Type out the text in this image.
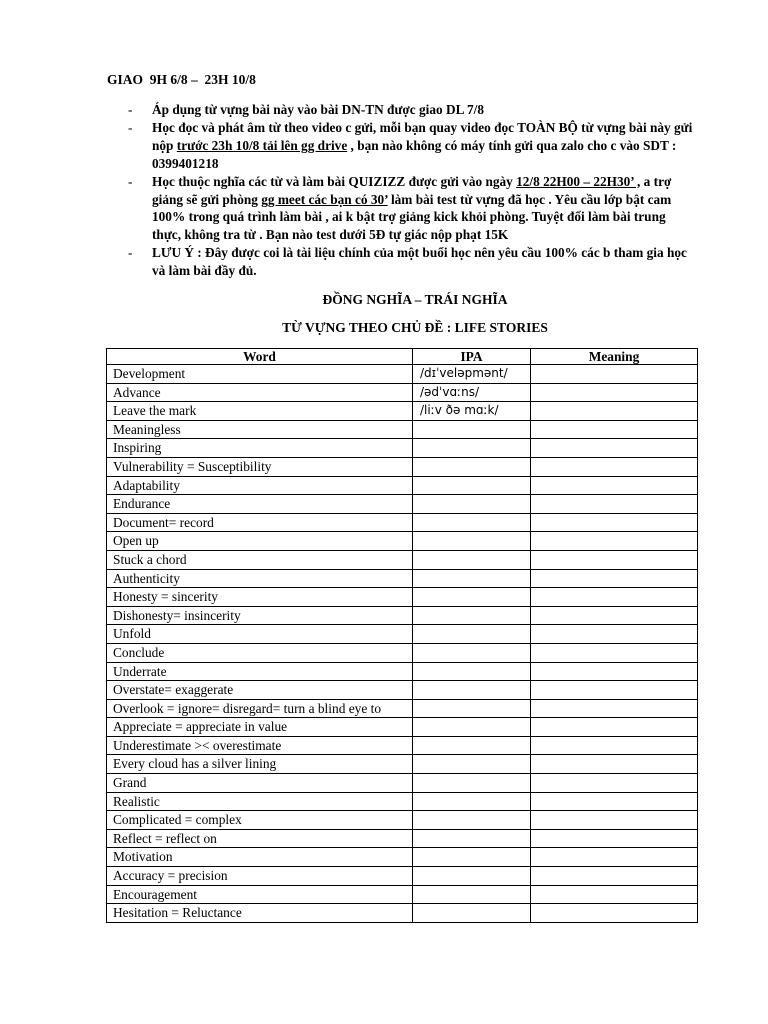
GIAO  9H 6/8 –  23H 10/8
- Áp dụng từ vựng bài này vào bài DN-TN được giao DL 7/8
- Học đọc và phát âm từ theo video c gửi, mỗi bạn quay video đọc TOÀN BỘ từ vựng bài này gửi nộp trước 23h 10/8 tải lên gg drive , bạn nào không có máy tính gửi qua zalo cho c vào SDT : 0399401218
- Học thuộc nghĩa các từ và làm bài QUIZIZZ được gửi vào ngày 12/8 22H00 – 22H30’ , a trợ giảng sẽ gửi phòng gg meet các bạn có 30’ làm bài test từ vựng đã học . Yêu cầu lớp bật cam 100% trong quá trình làm bài , ai k bật trợ giảng kick khỏi phòng. Tuyệt đối làm bài trung thực, không tra từ . Bạn nào test dưới 5Đ tự giác nộp phạt 15K
- LƯU Ý : Đây được coi là tài liệu chính của một buổi học nên yêu cầu 100% các b tham gia học và làm bài đầy đủ.
ĐỒNG NGHĨA – TRÁI NGHĨA
TỪ VỰNG THEO CHỦ ĐỀ : LIFE STORIES
Word	IPA	Meaning
Development	/dɪˈveləpmənt/	
Advance	/ədˈvɑːns/	
Leave the mark	/liːv ðə mɑːk/	
Meaningless		
Inspiring		
Vulnerability = Susceptibility		
Adaptability		
Endurance		
Document= record		
Open up		
Stuck a chord		
Authenticity		
Honesty = sincerity		
Dishonesty= insincerity		
Unfold		
Conclude		
Underrate		
Overstate= exaggerate		
Overlook = ignore= disregard= turn a blind eye to		
Appreciate = appreciate in value		
Underestimate >< overestimate		
Every cloud has a silver lining		
Grand		
Realistic		
Complicated = complex		
Reflect = reflect on		
Motivation		
Accuracy = precision		
Encouragement		
Hesitation = Reluctance		
